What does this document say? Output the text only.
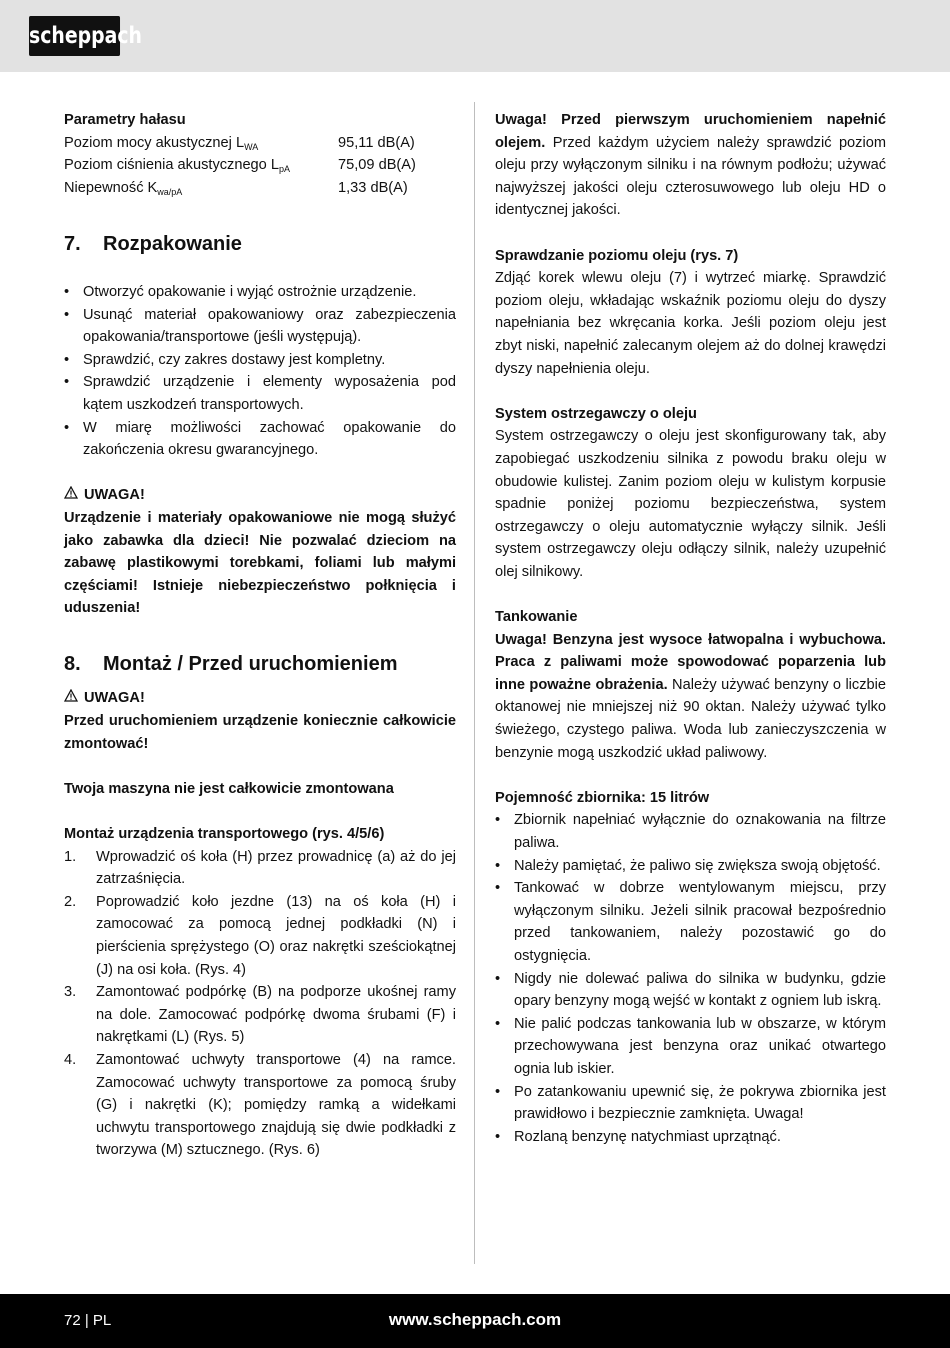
scheppach

Parametry hałasu

Poziom mocy akustycznej $L_{WA}$	95,11 dB(A)
Poziom ciśnienia akustycznego $L_{pA}$	75,09 dB(A)
Niepewność $K_{wa/pA}$	1,33 dB(A)
7. Rozpakowanie
• Otworzyć opakowanie i wyjąć ostrożnie urządzenie.
• Usunąć materiał opakowaniowy oraz zabezpieczenia opakowania/transportowe (jeśli występują).
• Sprawdzić, czy zakres dostawy jest kompletny.
• Sprawdzić urządzenie i elementy wyposażenia pod kątem uszkodzeń transportowych.
• W miarę możliwości zachować opakowanie do zakończenia okresu gwarancyjnego.

UWAGA!

Urządzenie i materiały opakowaniowe nie mogą służyć jako zabawka dla dzieci! Nie pozwalać dzieciom na zabawę plastikowymi torebkami, foliami lub małymi częściami! Istnieje niebezpieczeństwo połknięcia i uduszenia!

8. Montaż / Przed uruchomieniem

UWAGA!

Przed uruchomieniem urządzenie koniecznie całkowicie zmontować!

Twoja maszyna nie jest całkowicie zmontowana

Montaż urządzenia transportowego (rys. 4/5/6)

1. Wprowadzić oś koła (H) przez prowadnicę (a) aż do jej zatrzaśnięcia.
2. Poprowadzić koło jezdne (13) na oś koła (H) i zamocować za pomocą jednej podkładki (N) i pierścienia sprężystego (O) oraz nakrętki sześciokątnej (J) na osi koła. (Rys. 4)
3. Zamontować podpórkę (B) na podporze ukośnej ramy na dole. Zamocować podpórkę dwoma śrubami (F) i nakrętkami (L) (Rys. 5)
4. Zamontować uchwyty transportowe (4) na ramce. Zamocować uchwyty transportowe za pomocą śruby (G) i nakrętki (K); pomiędzy ramką a widełkami uchwytu transportowego znajdują się dwie podkładki z tworzywa (M) sztucznego. (Rys. 6)

Uwaga! Przed pierwszym uruchomieniem napełnić olejem. Przed każdym użyciem należy sprawdzić poziom oleju przy wyłączonym silniku i na równym podłożu; używać najwyższej jakości oleju czterosuwowego lub oleju HD o identycznej jakości.

Sprawdzanie poziomu oleju (rys. 7)

Zdjąć korek wlewu oleju (7) i wytrzeć miarkę. Sprawdzić poziom oleju, wkładając wskaźnik poziomu oleju do dyszy napełniania bez wkręcania korka. Jeśli poziom oleju jest zbyt niski, napełnić zalecanym olejem aż do dolnej krawędzi dyszy napełnienia oleju.

System ostrzegawczy o oleju

System ostrzegawczy o oleju jest skonfigurowany tak, aby zapobiegać uszkodzeniu silnika z powodu braku oleju w obudowie kulistej. Zanim poziom oleju w kulistym korpusie spadnie poniżej poziomu bezpieczeństwa, system ostrzegawczy o oleju automatycznie wyłączy silnik. Jeśli system ostrzegawczy oleju odłączy silnik, należy uzupełnić olej silnikowy.

Tankowanie

Uwaga! Benzyna jest wysoce łatwopalna i wybuchowa. Praca z paliwami może spowodować poparzenia lub inne poważne obrażenia. Należy używać benzyny o liczbie oktanowej nie mniejszej niż 90 oktan. Należy używać tylko świeżego, czystego paliwa. Woda lub zanieczyszczenia w benzynie mogą uszkodzić układ paliwowy.

Pojemność zbiornika: 15 litrów

• Zbiornik napełniać wyłącznie do oznakowania na filtrze paliwa.
• Należy pamiętać, że paliwo się zwiększa swoją objętość.
• Tankować w dobrze wentylowanym miejscu, przy wyłączonym silniku. Jeżeli silnik pracował bezpośrednio przed tankowaniem, należy pozostawić go do ostygnięcia.
• Nigdy nie dolewać paliwa do silnika w budynku, gdzie opary benzyny mogą wejść w kontakt z ogniem lub iskrą.
• Nie palić podczas tankowania lub w obszarze, w którym przechowywana jest benzyna oraz unikać otwartego ognia lub iskier.
• Po zatankowaniu upewnić się, że pokrywa zbiornika jest prawidłowo i bezpiecznie zamknięta. Uwaga!
• Rozlaną benzynę natychmiast uprzątnąć.
72 | PL	www.scheppach.com
